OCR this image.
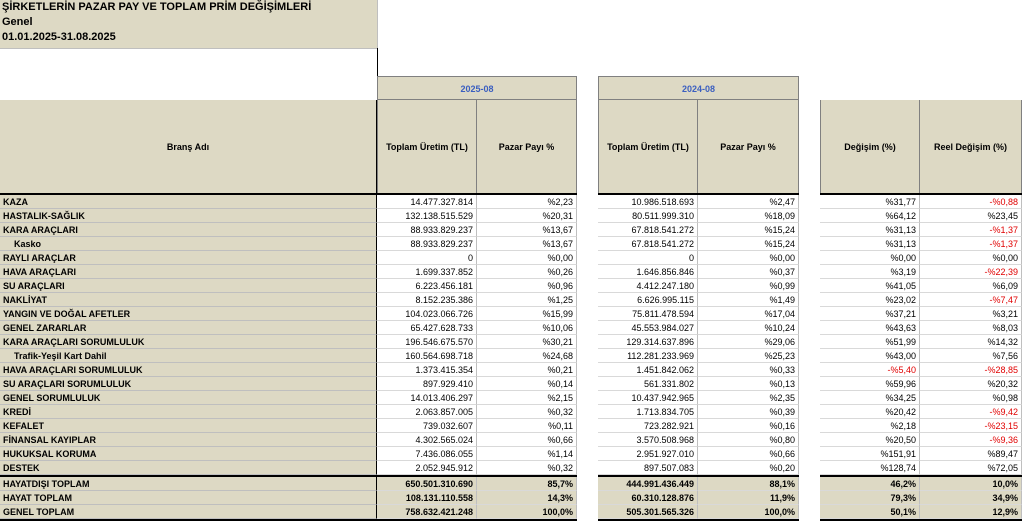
ŞİRKETLERİN PAZAR PAY VE TOPLAM PRİM DEĞİŞİMLERİ
Genel
01.01.2025-31.08.2025
2025-08	2024-08
Branş Adı	Toplam Üretim (TL)	Pazar Payı %	Toplam Üretim (TL)	Pazar Payı %	Değişim (%)	Reel Değişim (%)
KAZA	14.477.327.814	%2,23	10.986.518.693	%2,47	%31,77	-%0,88
HASTALIK-SAĞLIK	132.138.515.529	%20,31	80.511.999.310	%18,09	%64,12	%23,45
KARA ARAÇLARI	88.933.829.237	%13,67	67.818.541.272	%15,24	%31,13	-%1,37
Kasko	88.933.829.237	%13,67	67.818.541.272	%15,24	%31,13	-%1,37
RAYLI ARAÇLAR	0	%0,00	0	%0,00	%0,00	%0,00
HAVA ARAÇLARI	1.699.337.852	%0,26	1.646.856.846	%0,37	%3,19	-%22,39
SU ARAÇLARI	6.223.456.181	%0,96	4.412.247.180	%0,99	%41,05	%6,09
NAKLİYAT	8.152.235.386	%1,25	6.626.995.115	%1,49	%23,02	-%7,47
YANGIN VE DOĞAL AFETLER	104.023.066.726	%15,99	75.811.478.594	%17,04	%37,21	%3,21
GENEL ZARARLAR	65.427.628.733	%10,06	45.553.984.027	%10,24	%43,63	%8,03
KARA ARAÇLARI SORUMLULUK	196.546.675.570	%30,21	129.314.637.896	%29,06	%51,99	%14,32
Trafik-Yeşil Kart Dahil	160.564.698.718	%24,68	112.281.233.969	%25,23	%43,00	%7,56
HAVA ARAÇLARI SORUMLULUK	1.373.415.354	%0,21	1.451.842.062	%0,33	-%5,40	-%28,85
SU ARAÇLARI SORUMLULUK	897.929.410	%0,14	561.331.802	%0,13	%59,96	%20,32
GENEL SORUMLULUK	14.013.406.297	%2,15	10.437.942.965	%2,35	%34,25	%0,98
KREDİ	2.063.857.005	%0,32	1.713.834.705	%0,39	%20,42	-%9,42
KEFALET	739.032.607	%0,11	723.282.921	%0,16	%2,18	-%23,15
FİNANSAL KAYIPLAR	4.302.565.024	%0,66	3.570.508.968	%0,80	%20,50	-%9,36
HUKUKSAL KORUMA	7.436.086.055	%1,14	2.951.927.010	%0,66	%151,91	%89,47
DESTEK	2.052.945.912	%0,32	897.507.083	%0,20	%128,74	%72,05
HAYATDIŞI TOPLAM	650.501.310.690	85,7%	444.991.436.449	88,1%	46,2%	10,0%
HAYAT TOPLAM	108.131.110.558	14,3%	60.310.128.876	11,9%	79,3%	34,9%
GENEL TOPLAM	758.632.421.248	100,0%	505.301.565.326	100,0%	50,1%	12,9%
